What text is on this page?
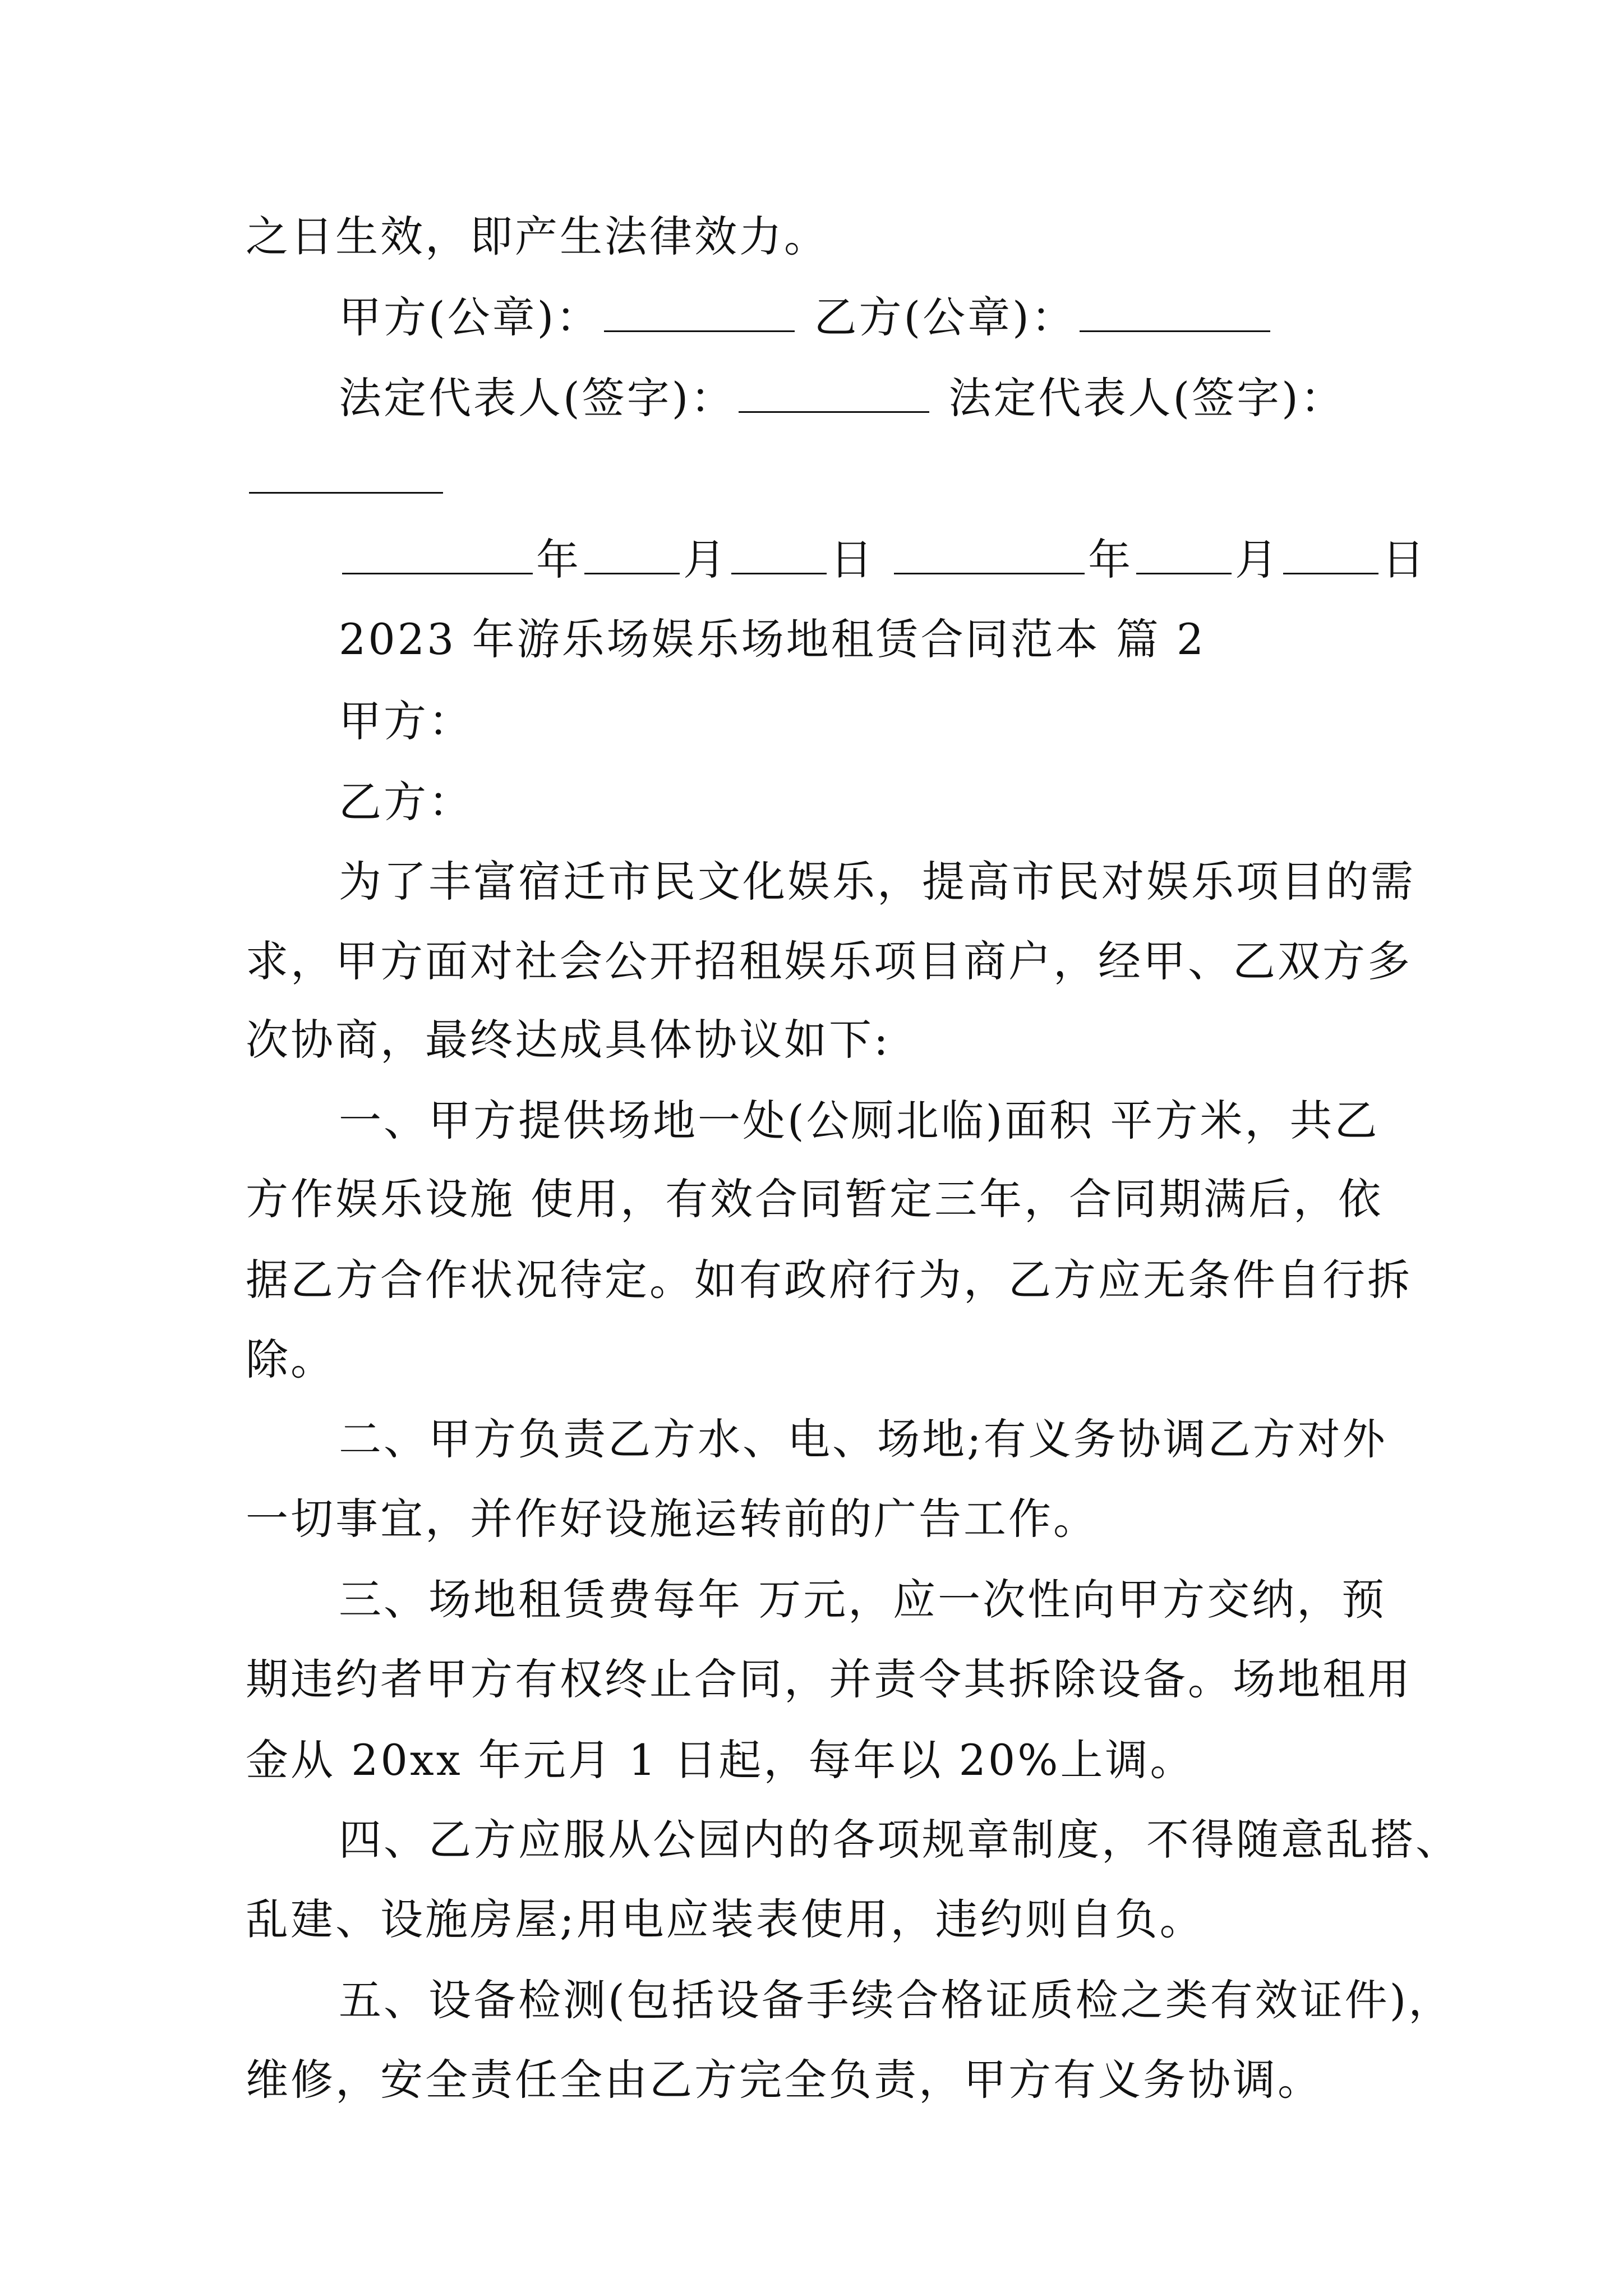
之日生效，即产生法律效力。
甲方(公章)：	乙方(公章)：
法定代表人(签字)：	法定代表人(签字)：
年 月 日	年 月 日
2023 年游乐场娱乐场地租赁合同范本 篇 2
甲方：
乙方：
为了丰富宿迁市民文化娱乐，提高市民对娱乐项目的需
求，甲方面对社会公开招租娱乐项目商户，经甲、乙双方多
次协商，最终达成具体协议如下:
一、甲方提供场地一处(公厕北临)面积 平方米，共乙
方作娱乐设施 使用，有效合同暂定三年，合同期满后，依
据乙方合作状况待定。如有政府行为，乙方应无条件自行拆
除。
二、甲方负责乙方水、电、场地;有义务协调乙方对外
一切事宜，并作好设施运转前的广告工作。
三、场地租赁费每年 万元，应一次性向甲方交纳，预
期违约者甲方有权终止合同，并责令其拆除设备。场地租用
金从 20xx 年元月 1 日起，每年以 20%上调。
四、乙方应服从公园内的各项规章制度，不得随意乱搭、
乱建、设施房屋;用电应装表使用，违约则自负。
五、设备检测(包括设备手续合格证质检之类有效证件)，
维修，安全责任全由乙方完全负责，甲方有义务协调。
